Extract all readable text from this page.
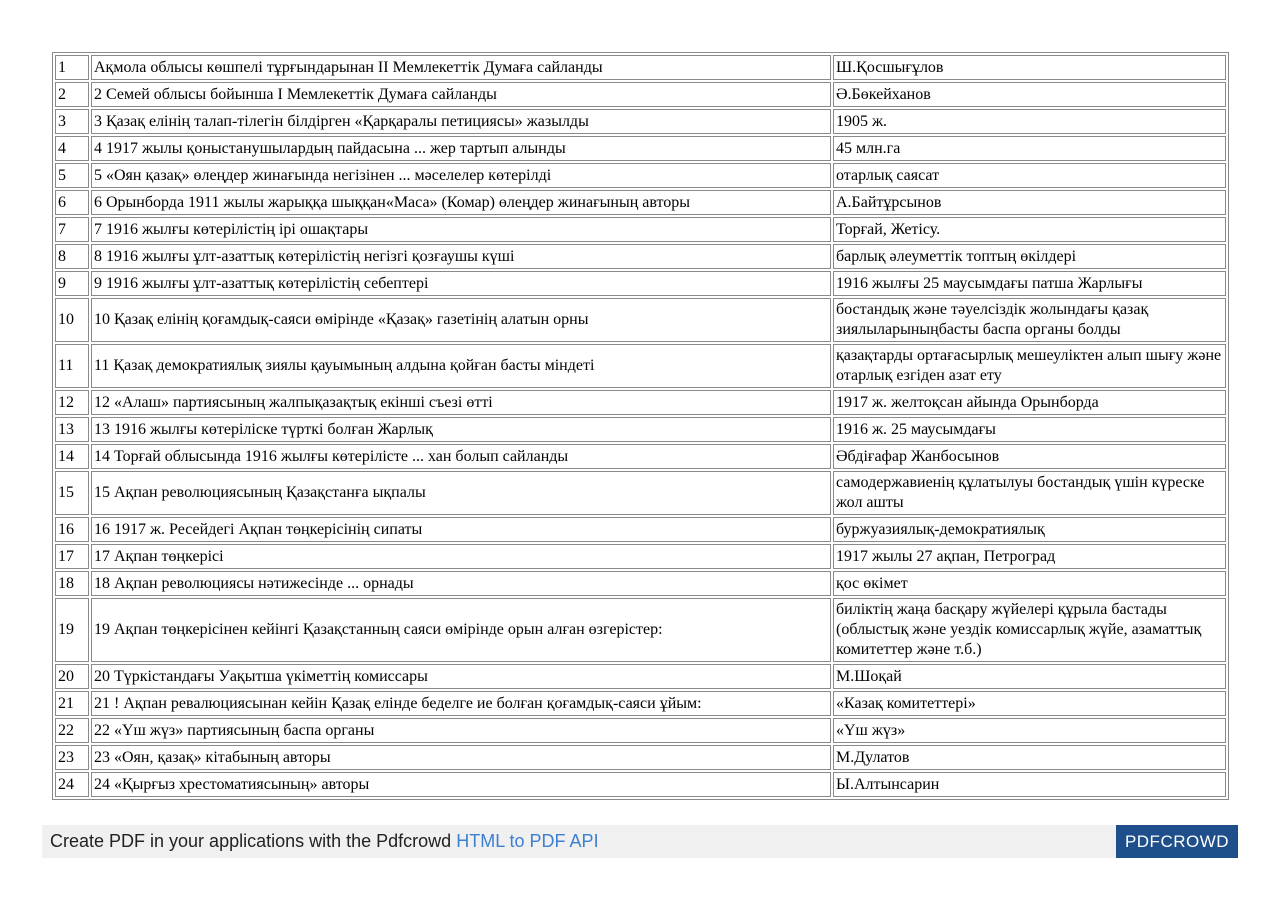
1	Ақмола облысы көшпелі тұрғындарынан ІІ Мемлекеттік Думаға сайланды	Ш.Қосшығұлов
2	2 Семей облысы бойынша І Мемлекеттік Думаға сайланды	Ә.Бөкейханов
3	3 Қазақ елінің талап-тілегін білдірген «Қарқаралы петициясы» жазылды	1905 ж.
4	4 1917 жылы қоныстанушылардың пайдасына ... жер тартып алынды	45 млн.га
5	5 «Оян қазақ» өлеңдер жинағында негізінен ... мәселелер көтерілді	отарлық саясат
6	6 Орынборда 1911 жылы жарыққа шыққан«Маса» (Комар) өлеңдер жинағының авторы	А.Байтұрсынов
7	7 1916 жылғы көтерілістің ірі ошақтары	Торғай, Жетісу.
8	8 1916 жылғы ұлт-азаттық көтерілістің негізгі қозғаушы күші	барлық әлеуметтік топтың өкілдері
9	9 1916 жылғы ұлт-азаттық көтерілістің себептері	1916 жылғы 25 маусымдағы патша Жарлығы
10	10 Қазақ елінің қоғамдық-саяси өмірінде «Қазақ» газетінің алатын орны	бостандық және тәуелсіздік жолындағы қазақ зиялыларыныңбасты баспа органы болды
11	11 Қазақ демократиялық зиялы қауымының алдына қойған басты міндеті	қазақтарды ортағасырлық мешеуліктен алып шығу және отарлық езгіден азат ету
12	12 «Алаш» партиясының жалпықазақтық екінші съезі өтті	1917 ж. желтоқсан айында Орынборда
13	13 1916 жылғы көтеріліске түрткі болған Жарлық	1916 ж. 25 маусымдағы
14	14 Торғай облысында 1916 жылғы көтерілісте ... хан болып сайланды	Әбдіғафар Жанбосынов
15	15 Ақпан революциясының Қазақстанға ықпалы	самодержавиенің құлатылуы бостандық үшін күреске жол ашты
16	16 1917 ж. Ресейдегі Ақпан төңкерісінің сипаты	буржуазиялық-демократиялық
17	17 Ақпан төңкерісі	1917 жылы 27 ақпан, Петроград
18	18 Ақпан революциясы нәтижесінде ... орнады	қос өкімет
19	19 Ақпан төңкерісінен кейінгі Қазақстанның саяси өмірінде орын алған өзгерістер:	биліктің жаңа басқару жүйелері құрыла бастады (облыстық және уездік комиссарлық жүйе, азаматтық комитеттер және т.б.)
20	20 Түркістандағы Уақытша үкіметтің комиссары	М.Шоқай
21	21 ! Ақпан ревалюциясынан кейін Қазақ елінде беделге ие болған қоғамдық-саяси ұйым:	«Казақ комитеттері»
22	22 «Үш жүз» партиясының баспа органы	«Үш жүз»
23	23 «Оян, қазақ» кітабының авторы	М.Дулатов
24	24 «Қырғыз хрестоматиясының» авторы	Ы.Алтынсарин
Create PDF in your applications with the Pdfcrowd HTML to PDF API	PDFCROWD
